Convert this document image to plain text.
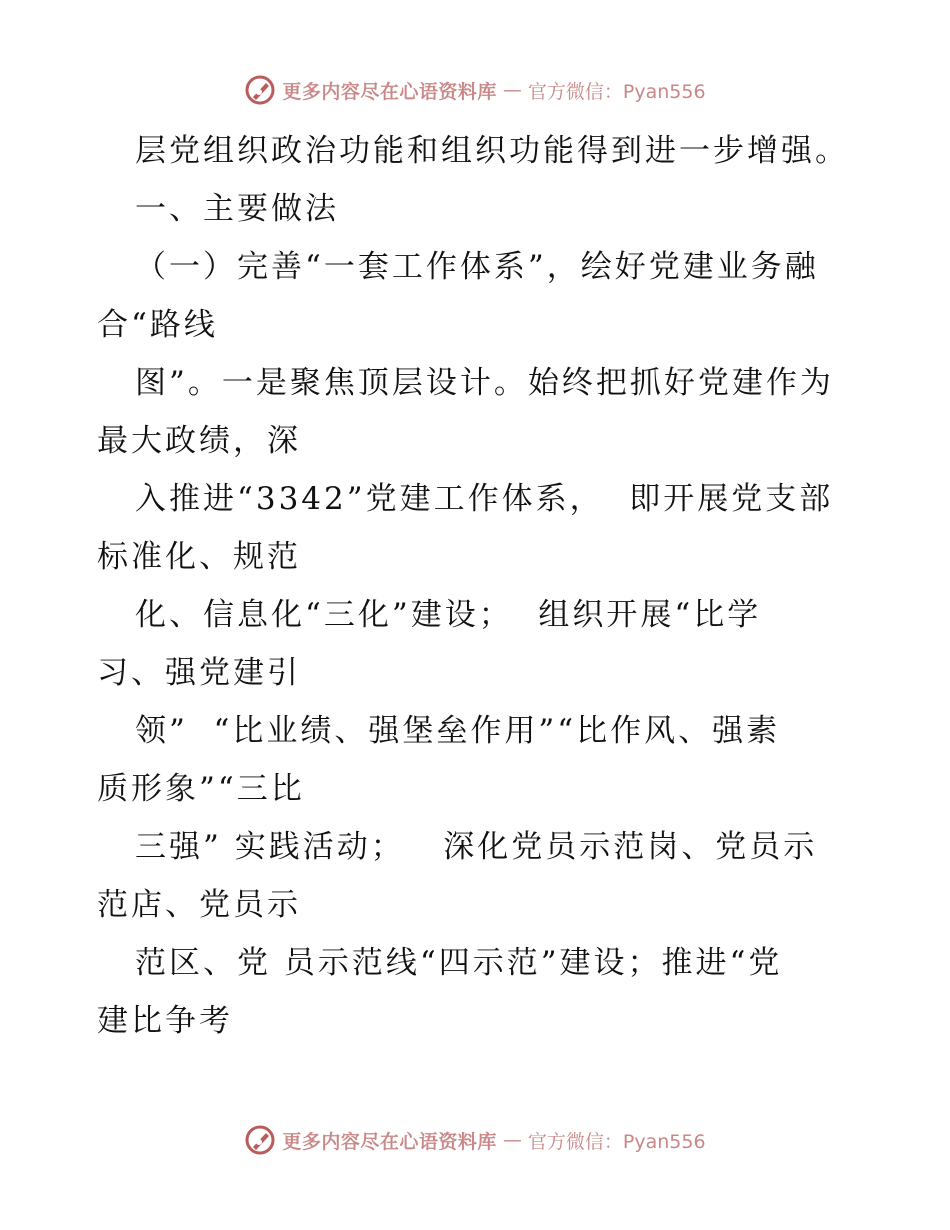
更多内容尽在心语资料库 — 官方微信：Pyan556
层党组织政治功能和组织功能得到进一步增强。
一、主要做法
（一）完善“一套工作体系”，绘好党建业务融
合“路线
图”。一是聚焦顶层设计。始终把抓好党建作为
最大政绩，深
入推进“3342”党建工作体系，  即开展党支部
标准化、规范
化、信息化“三化”建设；  组织开展“比学
习、强党建引
领”  “比业绩、强堡垒作用”“比作风、强素
质形象”“三比
三强” 实践活动；   深化党员示范岗、党员示
范店、党员示
范区、党 员示范线“四示范”建设；推进“党
建比争考
更多内容尽在心语资料库 — 官方微信：Pyan556
